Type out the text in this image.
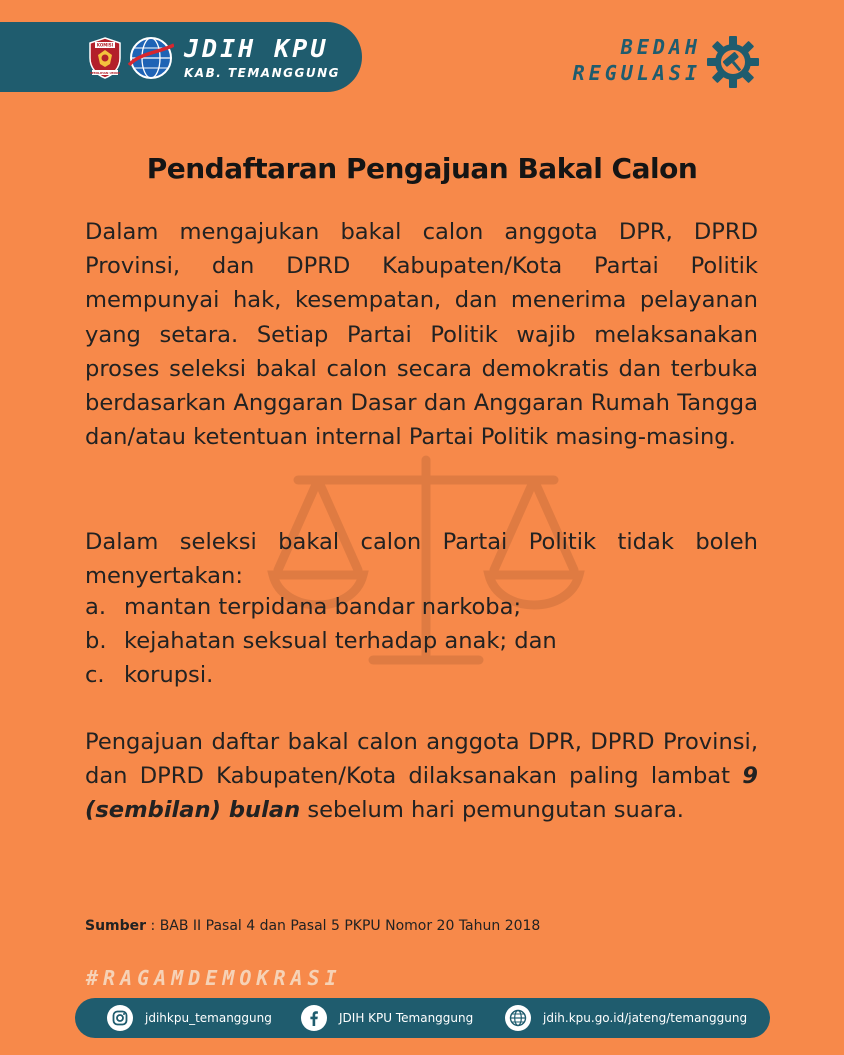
KOMISI
PEMILIHAN UMUM
JDIH KPU
KAB. TEMANGGUNG
BEDAH
REGULASI
Pendaftaran Pengajuan Bakal Calon
Dalam mengajukan bakal calon anggota DPR, DPRD Provinsi, dan DPRD Kabupaten/Kota Partai Politik mempunyai hak, kesempatan, dan menerima pelayanan yang setara. Setiap Partai Politik wajib melaksanakan proses seleksi bakal calon secara demokratis dan terbuka berdasarkan Anggaran Dasar dan Anggaran Rumah Tangga dan/atau ketentuan internal Partai Politik masing-masing.
Dalam seleksi bakal calon Partai Politik tidak boleh menyertakan:
a. mantan terpidana bandar narkoba;
b. kejahatan seksual terhadap anak; dan
c. korupsi.
Pengajuan daftar bakal calon anggota DPR, DPRD Provinsi, dan DPRD Kabupaten/Kota dilaksanakan paling lambat 9 (sembilan) bulan sebelum hari pemungutan suara.
Sumber : BAB II Pasal 4 dan Pasal 5 PKPU Nomor 20 Tahun 2018
#RAGAMDEMOKRASI
jdihkpu_temanggung	JDIH KPU Temanggung	jdih.kpu.go.id/jateng/temanggung
